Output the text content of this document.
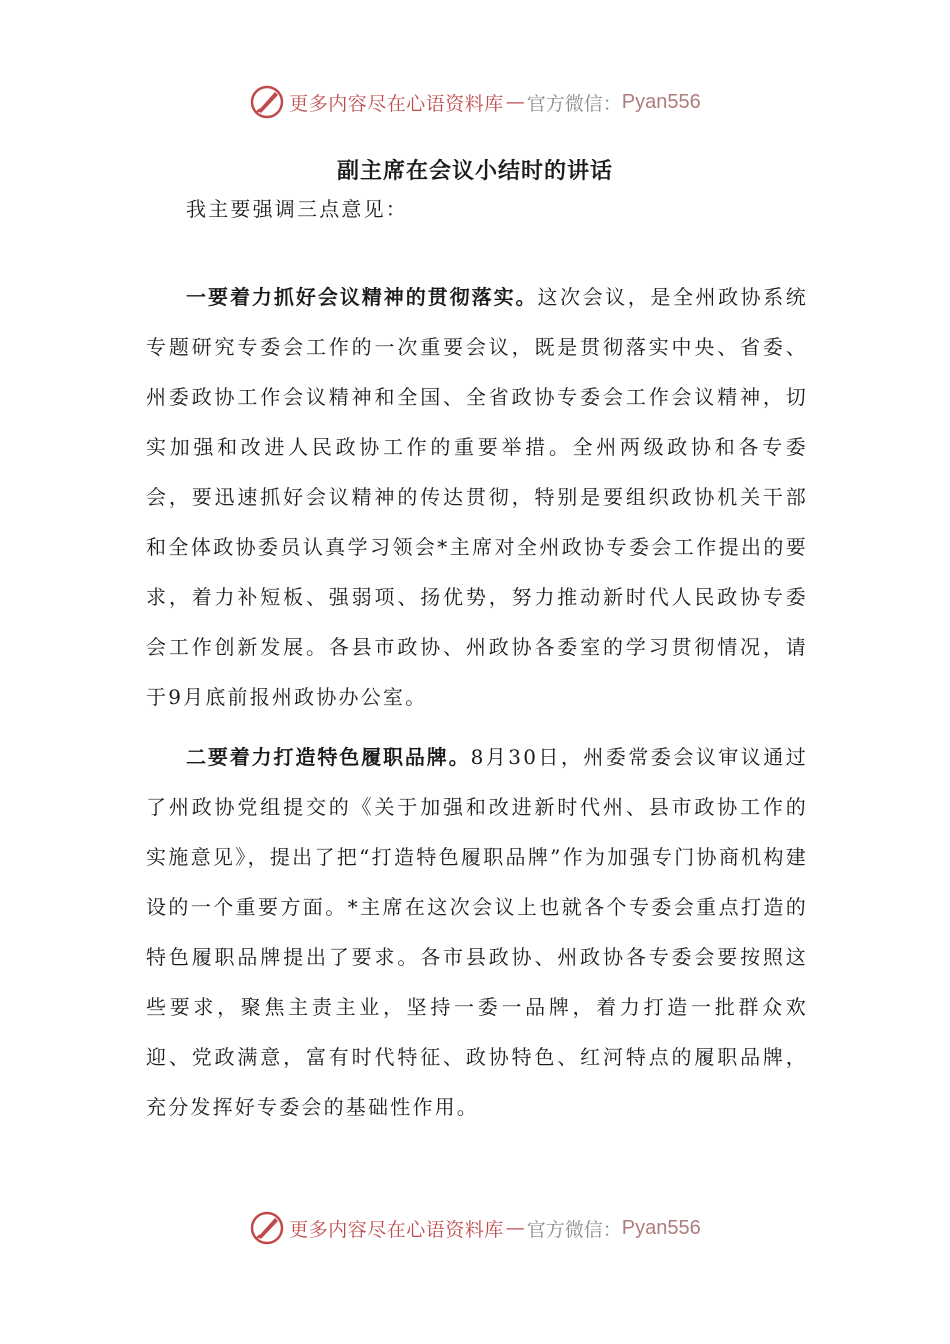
更多内容尽在心语资料库 — 官方微信： Pyan556
副主席在会议小结时的讲话
我主要强调三点意见：
一要着力抓好会议精神的贯彻落实。这次会议，是全州政协系统专题研究专委会工作的一次重要会议，既是贯彻落实中央、省委、州委政协工作会议精神和全国、全省政协专委会工作会议精神，切实加强和改进人民政协工作的重要举措。全州两级政协和各专委会，要迅速抓好会议精神的传达贯彻，特别是要组织政协机关干部和全体政协委员认真学习领会*主席对全州政协专委会工作提出的要求，着力补短板、强弱项、扬优势，努力推动新时代人民政协专委会工作创新发展。各县市政协、州政协各委室的学习贯彻情况，请于9月底前报州政协办公室。
二要着力打造特色履职品牌。8月30日，州委常委会议审议通过了州政协党组提交的《关于加强和改进新时代州、县市政协工作的实施意见》，提出了把“打造特色履职品牌”作为加强专门协商机构建设的一个重要方面。*主席在这次会议上也就各个专委会重点打造的特色履职品牌提出了要求。各市县政协、州政协各专委会要按照这些要求，聚焦主责主业，坚持一委一品牌，着力打造一批群众欢迎、党政满意，富有时代特征、政协特色、红河特点的履职品牌，充分发挥好专委会的基础性作用。
更多内容尽在心语资料库 — 官方微信： Pyan556
